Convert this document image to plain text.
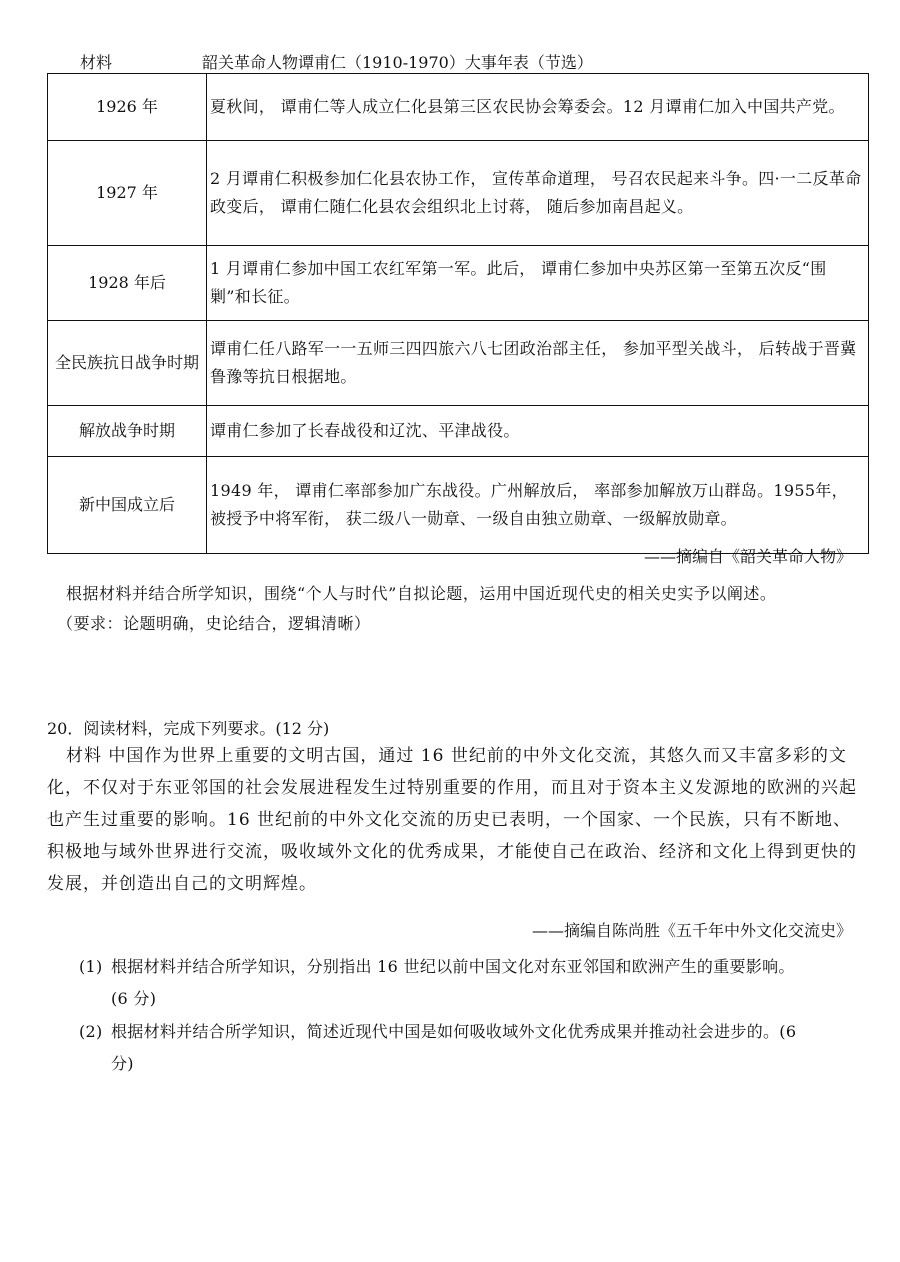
材料	韶关革命人物谭甫仁（1910-1970）大事年表（节选）
1926 年	夏秋间， 谭甫仁等人成立仁化县第三区农民协会筹委会。12 月谭甫仁加入中国共产党。
1927 年	2 月谭甫仁积极参加仁化县农协工作， 宣传革命道理， 号召农民起来斗争。四·一二反革命政变后， 谭甫仁随仁化县农会组织北上讨蒋， 随后参加南昌起义。
1928 年后	1 月谭甫仁参加中国工农红军第一军。此后， 谭甫仁参加中央苏区第一至第五次反“围剿”和长征。
全民族抗日战争时期	谭甫仁任八路军一一五师三四四旅六八七团政治部主任， 参加平型关战斗， 后转战于晋冀鲁豫等抗日根据地。
解放战争时期	谭甫仁参加了长春战役和辽沈、平津战役。
新中国成立后	1949 年， 谭甫仁率部参加广东战役。广州解放后， 率部参加解放万山群岛。1955年， 被授予中将军衔， 获二级八一勋章、一级自由独立勋章、一级解放勋章。
——摘编自《韶关革命人物》
根据材料并结合所学知识，围绕“个人与时代”自拟论题，运用中国近现代史的相关史实予以阐述。
（要求：论题明确，史论结合，逻辑清晰）
20．阅读材料，完成下列要求。(12 分)
材料 中国作为世界上重要的文明古国，通过 16 世纪前的中外文化交流，其悠久而又丰富多彩的文化，不仅对于东亚邻国的社会发展进程发生过特别重要的作用，而且对于资本主义发源地的欧洲的兴起也产生过重要的影响。16 世纪前的中外文化交流的历史已表明，一个国家、一个民族，只有不断地、积极地与域外世界进行交流，吸收域外文化的优秀成果，才能使自己在政治、经济和文化上得到更快的发展，并创造出自己的文明辉煌。
——摘编自陈尚胜《五千年中外文化交流史》
(1) 根据材料并结合所学知识，分别指出 16 世纪以前中国文化对东亚邻国和欧洲产生的重要影响。
(6 分)
(2) 根据材料并结合所学知识，简述近现代中国是如何吸收域外文化优秀成果并推动社会进步的。(6
分)
